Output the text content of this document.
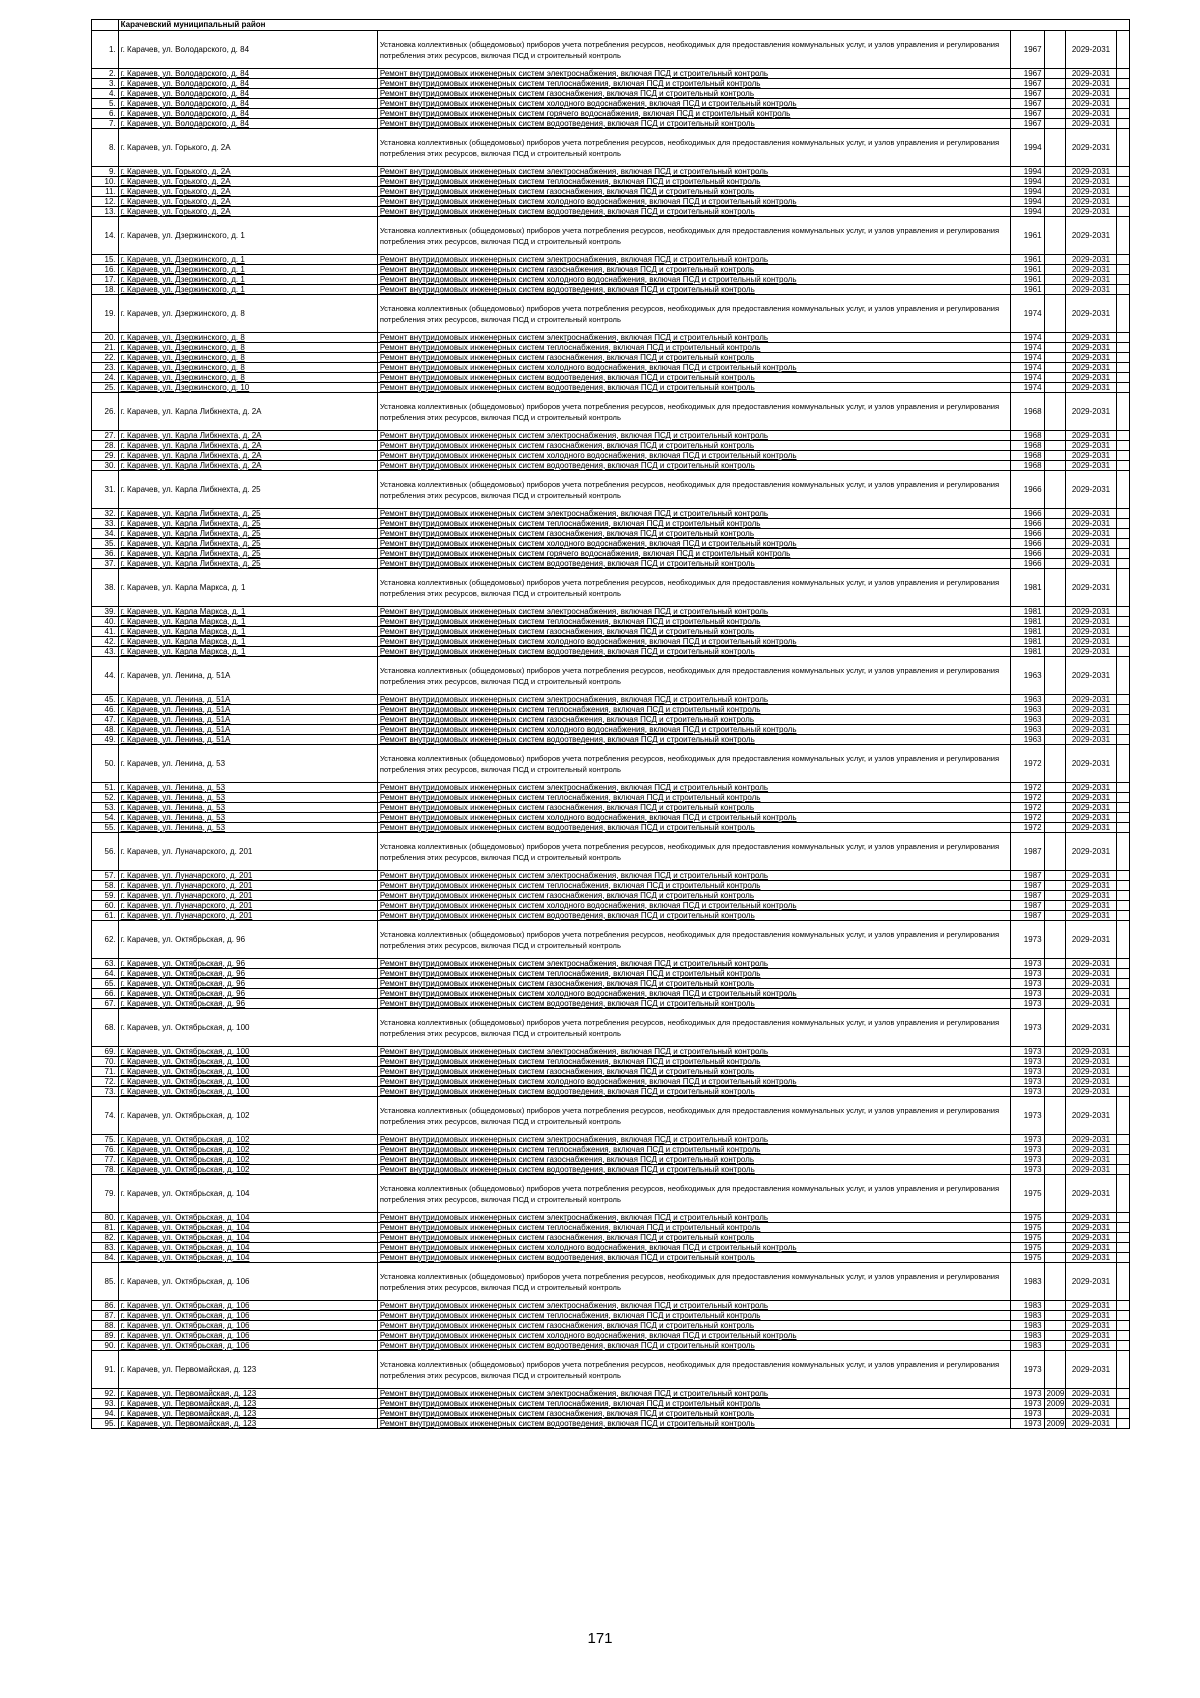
	Карачевский муниципальный район					
1.	г. Карачев, ул. Володарского, д. 84	Установка коллективных (общедомовых) приборов учета потребления ресурсов, необходимых для предоставления коммунальных услуг, и узлов управления и регулирования потребления этих ресурсов, включая ПСД и строительный контроль	1967		2029-2031	
2.	г. Карачев, ул. Володарского, д. 84	Ремонт внутридомовых инженерных систем электроснабжения, включая ПСД и строительный контроль	1967		2029-2031	
3.	г. Карачев, ул. Володарского, д. 84	Ремонт внутридомовых инженерных систем теплоснабжения, включая ПСД и строительный контроль	1967		2029-2031	
4.	г. Карачев, ул. Володарского, д. 84	Ремонт внутридомовых инженерных систем газоснабжения, включая ПСД и строительный контроль	1967		2029-2031	
5.	г. Карачев, ул. Володарского, д. 84	Ремонт внутридомовых инженерных систем холодного водоснабжения, включая ПСД и строительный контроль	1967		2029-2031	
6.	г. Карачев, ул. Володарского, д. 84	Ремонт внутридомовых инженерных систем горячего водоснабжения, включая ПСД и строительный контроль	1967		2029-2031	
7.	г. Карачев, ул. Володарского, д. 84	Ремонт внутридомовых инженерных систем водоотведения, включая ПСД и строительный контроль	1967		2029-2031	
8.	г. Карачев, ул. Горького, д. 2А	Установка коллективных (общедомовых) приборов учета потребления ресурсов, необходимых для предоставления коммунальных услуг, и узлов управления и регулирования потребления этих ресурсов, включая ПСД и строительный контроль	1994		2029-2031	
9.	г. Карачев, ул. Горького, д. 2А	Ремонт внутридомовых инженерных систем электроснабжения, включая ПСД и строительный контроль	1994		2029-2031	
10.	г. Карачев, ул. Горького, д. 2А	Ремонт внутридомовых инженерных систем теплоснабжения, включая ПСД и строительный контроль	1994		2029-2031	
11.	г. Карачев, ул. Горького, д. 2А	Ремонт внутридомовых инженерных систем газоснабжения, включая ПСД и строительный контроль	1994		2029-2031	
12.	г. Карачев, ул. Горького, д. 2А	Ремонт внутридомовых инженерных систем холодного водоснабжения, включая ПСД и строительный контроль	1994		2029-2031	
13.	г. Карачев, ул. Горького, д. 2А	Ремонт внутридомовых инженерных систем водоотведения, включая ПСД и строительный контроль	1994		2029-2031	
14.	г. Карачев, ул. Дзержинского, д. 1	Установка коллективных (общедомовых) приборов учета потребления ресурсов, необходимых для предоставления коммунальных услуг, и узлов управления и регулирования потребления этих ресурсов, включая ПСД и строительный контроль	1961		2029-2031	
15.	г. Карачев, ул. Дзержинского, д. 1	Ремонт внутридомовых инженерных систем электроснабжения, включая ПСД и строительный контроль	1961		2029-2031	
16.	г. Карачев, ул. Дзержинского, д. 1	Ремонт внутридомовых инженерных систем газоснабжения, включая ПСД и строительный контроль	1961		2029-2031	
17.	г. Карачев, ул. Дзержинского, д. 1	Ремонт внутридомовых инженерных систем холодного водоснабжения, включая ПСД и строительный контроль	1961		2029-2031	
18.	г. Карачев, ул. Дзержинского, д. 1	Ремонт внутридомовых инженерных систем водоотведения, включая ПСД и строительный контроль	1961		2029-2031	
19.	г. Карачев, ул. Дзержинского, д. 8	Установка коллективных (общедомовых) приборов учета потребления ресурсов, необходимых для предоставления коммунальных услуг, и узлов управления и регулирования потребления этих ресурсов, включая ПСД и строительный контроль	1974		2029-2031	
20.	г. Карачев, ул. Дзержинского, д. 8	Ремонт внутридомовых инженерных систем электроснабжения, включая ПСД и строительный контроль	1974		2029-2031	
21.	г. Карачев, ул. Дзержинского, д. 8	Ремонт внутридомовых инженерных систем теплоснабжения, включая ПСД и строительный контроль	1974		2029-2031	
22.	г. Карачев, ул. Дзержинского, д. 8	Ремонт внутридомовых инженерных систем газоснабжения, включая ПСД и строительный контроль	1974		2029-2031	
23.	г. Карачев, ул. Дзержинского, д. 8	Ремонт внутридомовых инженерных систем холодного водоснабжения, включая ПСД и строительный контроль	1974		2029-2031	
24.	г. Карачев, ул. Дзержинского, д. 8	Ремонт внутридомовых инженерных систем водоотведения, включая ПСД и строительный контроль	1974		2029-2031	
25.	г. Карачев, ул. Дзержинского, д. 10	Ремонт внутридомовых инженерных систем водоотведения, включая ПСД и строительный контроль	1974		2029-2031	
26.	г. Карачев, ул. Карла Либкнехта, д. 2А	Установка коллективных (общедомовых) приборов учета потребления ресурсов, необходимых для предоставления коммунальных услуг, и узлов управления и регулирования потребления этих ресурсов, включая ПСД и строительный контроль	1968		2029-2031	
27.	г. Карачев, ул. Карла Либкнехта, д. 2А	Ремонт внутридомовых инженерных систем электроснабжения, включая ПСД и строительный контроль	1968		2029-2031	
28.	г. Карачев, ул. Карла Либкнехта, д. 2А	Ремонт внутридомовых инженерных систем газоснабжения, включая ПСД и строительный контроль	1968		2029-2031	
29.	г. Карачев, ул. Карла Либкнехта, д. 2А	Ремонт внутридомовых инженерных систем холодного водоснабжения, включая ПСД и строительный контроль	1968		2029-2031	
30.	г. Карачев, ул. Карла Либкнехта, д. 2А	Ремонт внутридомовых инженерных систем водоотведения, включая ПСД и строительный контроль	1968		2029-2031	
31.	г. Карачев, ул. Карла Либкнехта, д. 25	Установка коллективных (общедомовых) приборов учета потребления ресурсов, необходимых для предоставления коммунальных услуг, и узлов управления и регулирования потребления этих ресурсов, включая ПСД и строительный контроль	1966		2029-2031	
32.	г. Карачев, ул. Карла Либкнехта, д. 25	Ремонт внутридомовых инженерных систем электроснабжения, включая ПСД и строительный контроль	1966		2029-2031	
33.	г. Карачев, ул. Карла Либкнехта, д. 25	Ремонт внутридомовых инженерных систем теплоснабжения, включая ПСД и строительный контроль	1966		2029-2031	
34.	г. Карачев, ул. Карла Либкнехта, д. 25	Ремонт внутридомовых инженерных систем газоснабжения, включая ПСД и строительный контроль	1966		2029-2031	
35.	г. Карачев, ул. Карла Либкнехта, д. 25	Ремонт внутридомовых инженерных систем холодного водоснабжения, включая ПСД и строительный контроль	1966		2029-2031	
36.	г. Карачев, ул. Карла Либкнехта, д. 25	Ремонт внутридомовых инженерных систем горячего водоснабжения, включая ПСД и строительный контроль	1966		2029-2031	
37.	г. Карачев, ул. Карла Либкнехта, д. 25	Ремонт внутридомовых инженерных систем водоотведения, включая ПСД и строительный контроль	1966		2029-2031	
38.	г. Карачев, ул. Карла Маркса, д. 1	Установка коллективных (общедомовых) приборов учета потребления ресурсов, необходимых для предоставления коммунальных услуг, и узлов управления и регулирования потребления этих ресурсов, включая ПСД и строительный контроль	1981		2029-2031	
39.	г. Карачев, ул. Карла Маркса, д. 1	Ремонт внутридомовых инженерных систем электроснабжения, включая ПСД и строительный контроль	1981		2029-2031	
40.	г. Карачев, ул. Карла Маркса, д. 1	Ремонт внутридомовых инженерных систем теплоснабжения, включая ПСД и строительный контроль	1981		2029-2031	
41.	г. Карачев, ул. Карла Маркса, д. 1	Ремонт внутридомовых инженерных систем газоснабжения, включая ПСД и строительный контроль	1981		2029-2031	
42.	г. Карачев, ул. Карла Маркса, д. 1	Ремонт внутридомовых инженерных систем холодного водоснабжения, включая ПСД и строительный контроль	1981		2029-2031	
43.	г. Карачев, ул. Карла Маркса, д. 1	Ремонт внутридомовых инженерных систем водоотведения, включая ПСД и строительный контроль	1981		2029-2031	
44.	г. Карачев, ул. Ленина, д. 51А	Установка коллективных (общедомовых) приборов учета потребления ресурсов, необходимых для предоставления коммунальных услуг, и узлов управления и регулирования потребления этих ресурсов, включая ПСД и строительный контроль	1963		2029-2031	
45.	г. Карачев, ул. Ленина, д. 51А	Ремонт внутридомовых инженерных систем электроснабжения, включая ПСД и строительный контроль	1963		2029-2031	
46.	г. Карачев, ул. Ленина, д. 51А	Ремонт внутридомовых инженерных систем теплоснабжения, включая ПСД и строительный контроль	1963		2029-2031	
47.	г. Карачев, ул. Ленина, д. 51А	Ремонт внутридомовых инженерных систем газоснабжения, включая ПСД и строительный контроль	1963		2029-2031	
48.	г. Карачев, ул. Ленина, д. 51А	Ремонт внутридомовых инженерных систем холодного водоснабжения, включая ПСД и строительный контроль	1963		2029-2031	
49.	г. Карачев, ул. Ленина, д. 51А	Ремонт внутридомовых инженерных систем водоотведения, включая ПСД и строительный контроль	1963		2029-2031	
50.	г. Карачев, ул. Ленина, д. 53	Установка коллективных (общедомовых) приборов учета потребления ресурсов, необходимых для предоставления коммунальных услуг, и узлов управления и регулирования потребления этих ресурсов, включая ПСД и строительный контроль	1972		2029-2031	
51.	г. Карачев, ул. Ленина, д. 53	Ремонт внутридомовых инженерных систем электроснабжения, включая ПСД и строительный контроль	1972		2029-2031	
52.	г. Карачев, ул. Ленина, д. 53	Ремонт внутридомовых инженерных систем теплоснабжения, включая ПСД и строительный контроль	1972		2029-2031	
53.	г. Карачев, ул. Ленина, д. 53	Ремонт внутридомовых инженерных систем газоснабжения, включая ПСД и строительный контроль	1972		2029-2031	
54.	г. Карачев, ул. Ленина, д. 53	Ремонт внутридомовых инженерных систем холодного водоснабжения, включая ПСД и строительный контроль	1972		2029-2031	
55.	г. Карачев, ул. Ленина, д. 53	Ремонт внутридомовых инженерных систем водоотведения, включая ПСД и строительный контроль	1972		2029-2031	
56.	г. Карачев, ул. Луначарского, д. 201	Установка коллективных (общедомовых) приборов учета потребления ресурсов, необходимых для предоставления коммунальных услуг, и узлов управления и регулирования потребления этих ресурсов, включая ПСД и строительный контроль	1987		2029-2031	
57.	г. Карачев, ул. Луначарского, д. 201	Ремонт внутридомовых инженерных систем электроснабжения, включая ПСД и строительный контроль	1987		2029-2031	
58.	г. Карачев, ул. Луначарского, д. 201	Ремонт внутридомовых инженерных систем теплоснабжения, включая ПСД и строительный контроль	1987		2029-2031	
59.	г. Карачев, ул. Луначарского, д. 201	Ремонт внутридомовых инженерных систем газоснабжения, включая ПСД и строительный контроль	1987		2029-2031	
60.	г. Карачев, ул. Луначарского, д. 201	Ремонт внутридомовых инженерных систем холодного водоснабжения, включая ПСД и строительный контроль	1987		2029-2031	
61.	г. Карачев, ул. Луначарского, д. 201	Ремонт внутридомовых инженерных систем водоотведения, включая ПСД и строительный контроль	1987		2029-2031	
62.	г. Карачев, ул. Октябрьская, д. 96	Установка коллективных (общедомовых) приборов учета потребления ресурсов, необходимых для предоставления коммунальных услуг, и узлов управления и регулирования потребления этих ресурсов, включая ПСД и строительный контроль	1973		2029-2031	
63.	г. Карачев, ул. Октябрьская, д. 96	Ремонт внутридомовых инженерных систем электроснабжения, включая ПСД и строительный контроль	1973		2029-2031	
64.	г. Карачев, ул. Октябрьская, д. 96	Ремонт внутридомовых инженерных систем теплоснабжения, включая ПСД и строительный контроль	1973		2029-2031	
65.	г. Карачев, ул. Октябрьская, д. 96	Ремонт внутридомовых инженерных систем газоснабжения, включая ПСД и строительный контроль	1973		2029-2031	
66.	г. Карачев, ул. Октябрьская, д. 96	Ремонт внутридомовых инженерных систем холодного водоснабжения, включая ПСД и строительный контроль	1973		2029-2031	
67.	г. Карачев, ул. Октябрьская, д. 96	Ремонт внутридомовых инженерных систем водоотведения, включая ПСД и строительный контроль	1973		2029-2031	
68.	г. Карачев, ул. Октябрьская, д. 100	Установка коллективных (общедомовых) приборов учета потребления ресурсов, необходимых для предоставления коммунальных услуг, и узлов управления и регулирования потребления этих ресурсов, включая ПСД и строительный контроль	1973		2029-2031	
69.	г. Карачев, ул. Октябрьская, д. 100	Ремонт внутридомовых инженерных систем электроснабжения, включая ПСД и строительный контроль	1973		2029-2031	
70.	г. Карачев, ул. Октябрьская, д. 100	Ремонт внутридомовых инженерных систем теплоснабжения, включая ПСД и строительный контроль	1973		2029-2031	
71.	г. Карачев, ул. Октябрьская, д. 100	Ремонт внутридомовых инженерных систем газоснабжения, включая ПСД и строительный контроль	1973		2029-2031	
72.	г. Карачев, ул. Октябрьская, д. 100	Ремонт внутридомовых инженерных систем холодного водоснабжения, включая ПСД и строительный контроль	1973		2029-2031	
73.	г. Карачев, ул. Октябрьская, д. 100	Ремонт внутридомовых инженерных систем водоотведения, включая ПСД и строительный контроль	1973		2029-2031	
74.	г. Карачев, ул. Октябрьская, д. 102	Установка коллективных (общедомовых) приборов учета потребления ресурсов, необходимых для предоставления коммунальных услуг, и узлов управления и регулирования потребления этих ресурсов, включая ПСД и строительный контроль	1973		2029-2031	
75.	г. Карачев, ул. Октябрьская, д. 102	Ремонт внутридомовых инженерных систем электроснабжения, включая ПСД и строительный контроль	1973		2029-2031	
76.	г. Карачев, ул. Октябрьская, д. 102	Ремонт внутридомовых инженерных систем теплоснабжения, включая ПСД и строительный контроль	1973		2029-2031	
77.	г. Карачев, ул. Октябрьская, д. 102	Ремонт внутридомовых инженерных систем газоснабжения, включая ПСД и строительный контроль	1973		2029-2031	
78.	г. Карачев, ул. Октябрьская, д. 102	Ремонт внутридомовых инженерных систем водоотведения, включая ПСД и строительный контроль	1973		2029-2031	
79.	г. Карачев, ул. Октябрьская, д. 104	Установка коллективных (общедомовых) приборов учета потребления ресурсов, необходимых для предоставления коммунальных услуг, и узлов управления и регулирования потребления этих ресурсов, включая ПСД и строительный контроль	1975		2029-2031	
80.	г. Карачев, ул. Октябрьская, д. 104	Ремонт внутридомовых инженерных систем электроснабжения, включая ПСД и строительный контроль	1975		2029-2031	
81.	г. Карачев, ул. Октябрьская, д. 104	Ремонт внутридомовых инженерных систем теплоснабжения, включая ПСД и строительный контроль	1975		2029-2031	
82.	г. Карачев, ул. Октябрьская, д. 104	Ремонт внутридомовых инженерных систем газоснабжения, включая ПСД и строительный контроль	1975		2029-2031	
83.	г. Карачев, ул. Октябрьская, д. 104	Ремонт внутридомовых инженерных систем холодного водоснабжения, включая ПСД и строительный контроль	1975		2029-2031	
84.	г. Карачев, ул. Октябрьская, д. 104	Ремонт внутридомовых инженерных систем водоотведения, включая ПСД и строительный контроль	1975		2029-2031	
85.	г. Карачев, ул. Октябрьская, д. 106	Установка коллективных (общедомовых) приборов учета потребления ресурсов, необходимых для предоставления коммунальных услуг, и узлов управления и регулирования потребления этих ресурсов, включая ПСД и строительный контроль	1983		2029-2031	
86.	г. Карачев, ул. Октябрьская, д. 106	Ремонт внутридомовых инженерных систем электроснабжения, включая ПСД и строительный контроль	1983		2029-2031	
87.	г. Карачев, ул. Октябрьская, д. 106	Ремонт внутридомовых инженерных систем теплоснабжения, включая ПСД и строительный контроль	1983		2029-2031	
88.	г. Карачев, ул. Октябрьская, д. 106	Ремонт внутридомовых инженерных систем газоснабжения, включая ПСД и строительный контроль	1983		2029-2031	
89.	г. Карачев, ул. Октябрьская, д. 106	Ремонт внутридомовых инженерных систем холодного водоснабжения, включая ПСД и строительный контроль	1983		2029-2031	
90.	г. Карачев, ул. Октябрьская, д. 106	Ремонт внутридомовых инженерных систем водоотведения, включая ПСД и строительный контроль	1983		2029-2031	
91.	г. Карачев, ул. Первомайская, д. 123	Установка коллективных (общедомовых) приборов учета потребления ресурсов, необходимых для предоставления коммунальных услуг, и узлов управления и регулирования потребления этих ресурсов, включая ПСД и строительный контроль	1973		2029-2031	
92.	г. Карачев, ул. Первомайская, д. 123	Ремонт внутридомовых инженерных систем электроснабжения, включая ПСД и строительный контроль	1973	2009	2029-2031	
93.	г. Карачев, ул. Первомайская, д. 123	Ремонт внутридомовых инженерных систем теплоснабжения, включая ПСД и строительный контроль	1973	2009	2029-2031	
94.	г. Карачев, ул. Первомайская, д. 123	Ремонт внутридомовых инженерных систем газоснабжения, включая ПСД и строительный контроль	1973		2029-2031	
95.	г. Карачев, ул. Первомайская, д. 123	Ремонт внутридомовых инженерных систем водоотведения, включая ПСД и строительный контроль	1973	2009	2029-2031	
171
